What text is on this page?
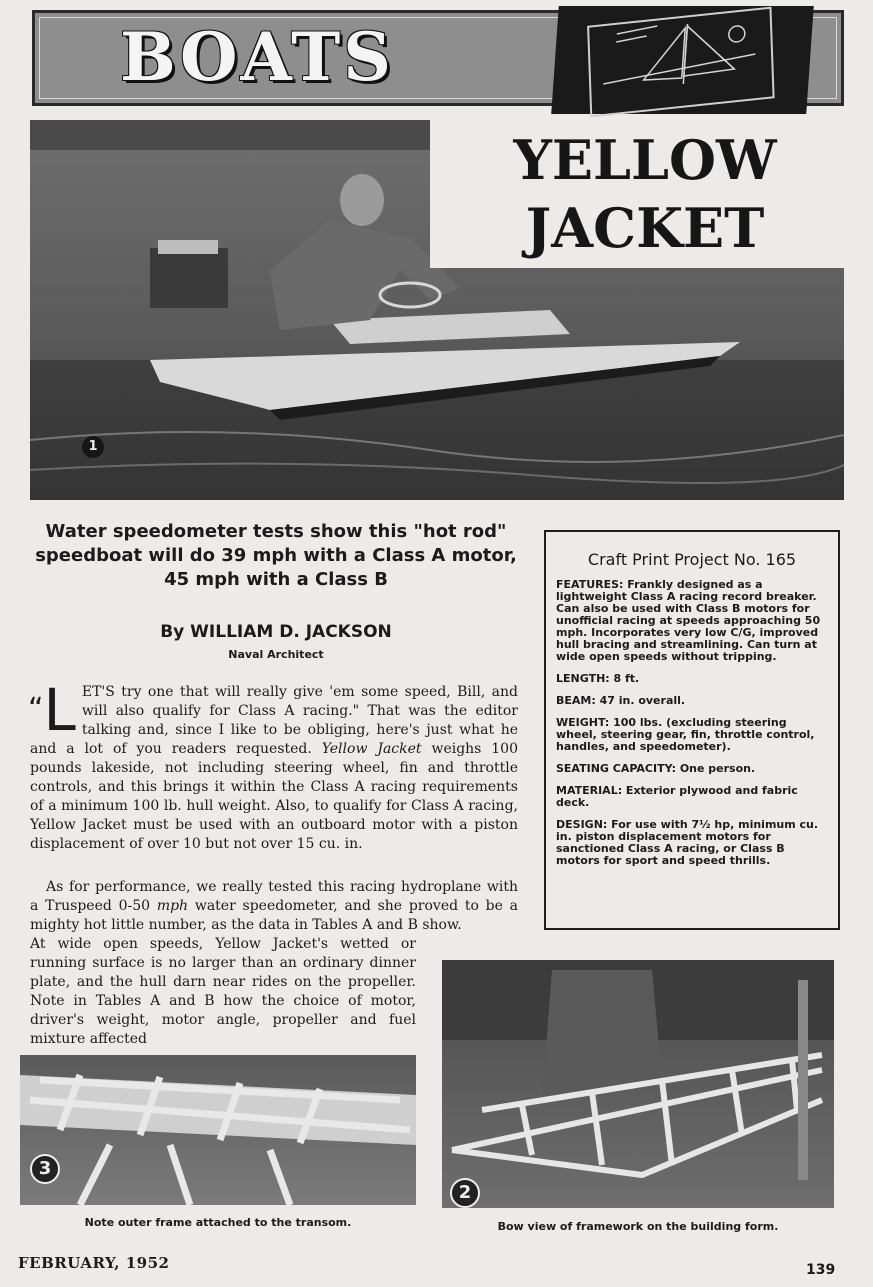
BOATS
YELLOW
JACKET
1
Water speedometer tests show this "hot rod"
speedboat will do 39 mph with a Class A motor,
45 mph with a Class B
By WILLIAM D. JACKSON
Naval Architect
“L ET'S try one that will really give 'em some speed, Bill, and will also qualify for Class A racing." That was the editor talking and, since I like to be obliging, here's just what he and a lot of you readers requested. Yellow Jacket weighs 100 pounds lakeside, not including steering wheel, fin and throttle controls, and this brings it within the Class A racing requirements of a minimum 100 lb. hull weight. Also, to qualify for Class A racing, Yellow Jacket must be used with an outboard motor with a piston displacement of over 10 but not over 15 cu. in.
As for performance, we really tested this racing hydroplane with a Truspeed 0-50 mph water speedometer, and she proved to be a mighty hot little number, as the data in Tables A and B show.
At wide open speeds, Yellow Jacket's wetted or running surface is no larger than an ordinary dinner plate, and the hull darn near rides on the propeller. Note in Tables A and B how the choice of motor, driver's weight, motor angle, propeller and fuel mixture affected
Craft Print Project No. 165
FEATURES: Frankly designed as a lightweight Class A racing record breaker. Can also be used with Class B motors for unofficial racing at speeds approaching 50 mph. Incorporates very low C/G, improved hull bracing and streamlining. Can turn at wide open speeds without tripping.
LENGTH: 8 ft.
BEAM: 47 in. overall.
WEIGHT: 100 lbs. (excluding steering wheel, steering gear, fin, throttle control, handles, and speedometer).
SEATING CAPACITY: One person.
MATERIAL: Exterior plywood and fabric deck.
DESIGN: For use with 7½ hp, minimum cu. in. piston displacement motors for sanctioned Class A racing, or Class B motors for sport and speed thrills.
3
2
Note outer frame attached to the transom.	Bow view of framework on the building form.
FEBRUARY, 1952	139
